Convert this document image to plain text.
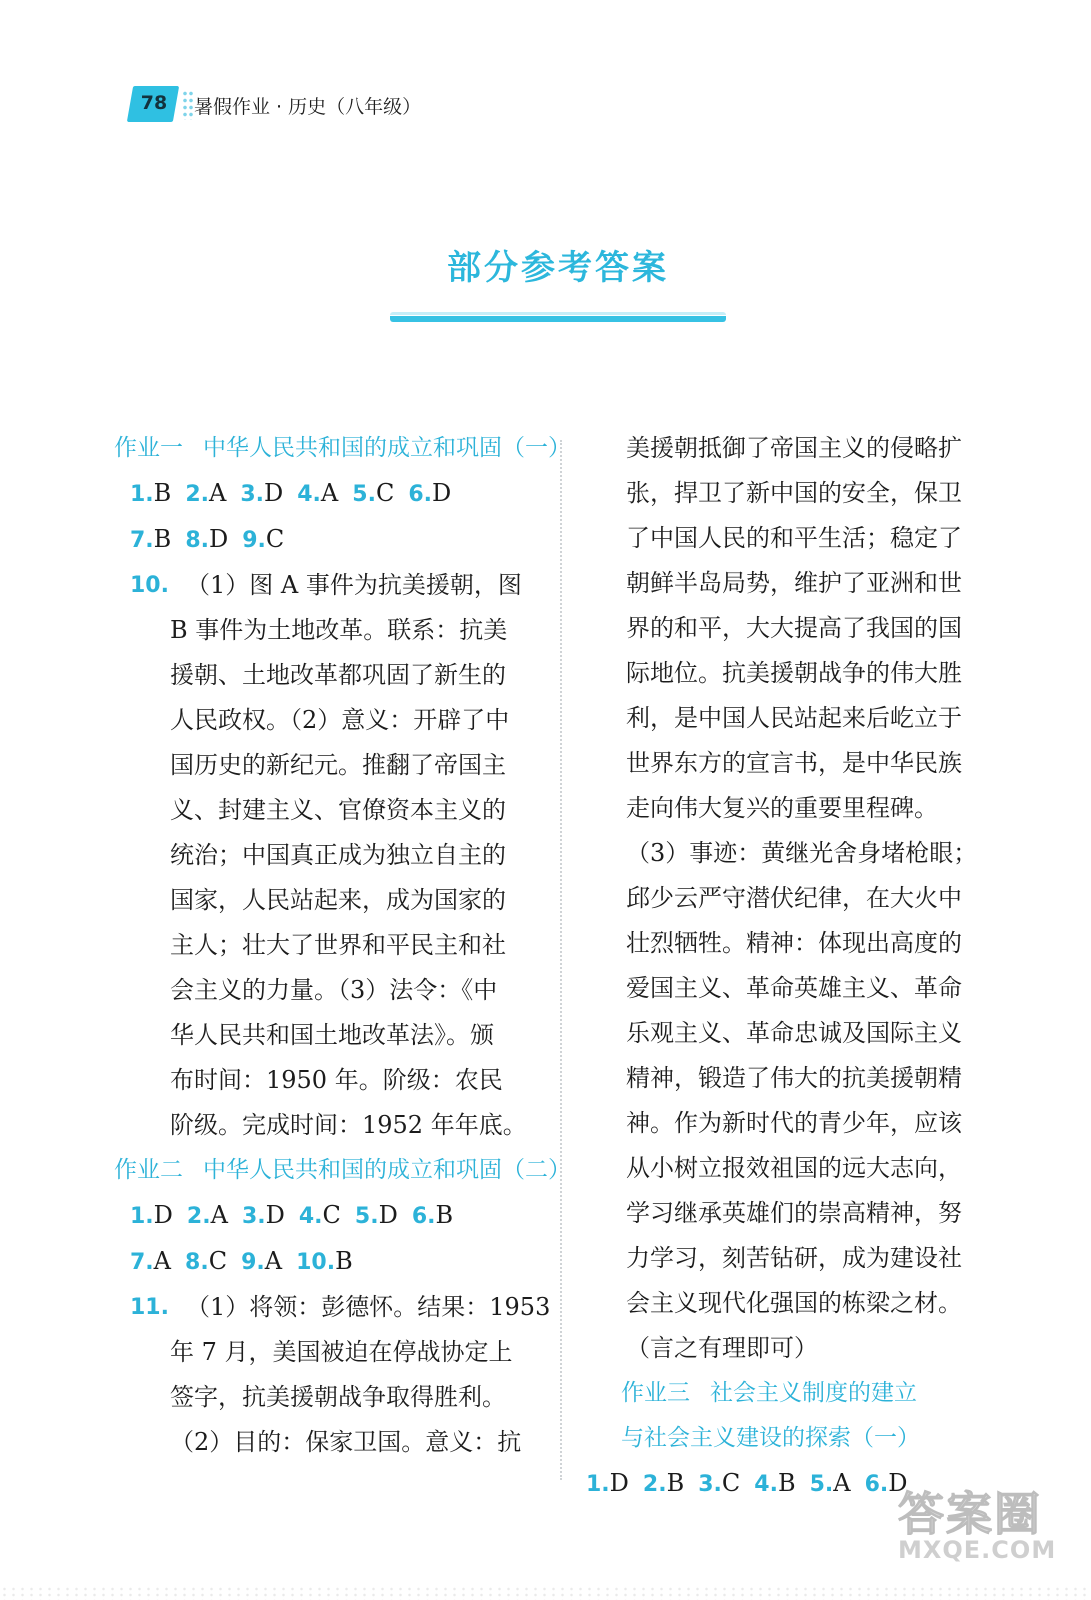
78	暑假作业 · 历史（八年级）
部分参考答案
作业一 中华人民共和国的成立和巩固（一）
1.B 2.A 3.D 4.A 5.C 6.D
7.B 8.D 9.C
10. （1）图 A 事件为抗美援朝，图
B 事件为土地改革。联系：抗美
援朝、土地改革都巩固了新生的
人民政权。（2）意义：开辟了中
国历史的新纪元。推翻了帝国主
义、封建主义、官僚资本主义的
统治；中国真正成为独立自主的
国家，人民站起来，成为国家的
主人；壮大了世界和平民主和社
会主义的力量。（3）法令：《中
华人民共和国土地改革法》。颁
布时间：1950 年。阶级：农民
阶级。完成时间：1952 年年底。
作业二 中华人民共和国的成立和巩固（二）
1.D 2.A 3.D 4.C 5.D 6.B
7.A 8.C 9.A 10.B
11. （1）将领：彭德怀。结果：1953
年 7 月，美国被迫在停战协定上
签字，抗美援朝战争取得胜利。
（2）目的：保家卫国。意义：抗
美援朝抵御了帝国主义的侵略扩
张，捍卫了新中国的安全，保卫
了中国人民的和平生活；稳定了
朝鲜半岛局势，维护了亚洲和世
界的和平，大大提高了我国的国
际地位。抗美援朝战争的伟大胜
利，是中国人民站起来后屹立于
世界东方的宣言书，是中华民族
走向伟大复兴的重要里程碑。
（3）事迹：黄继光舍身堵枪眼；
邱少云严守潜伏纪律，在大火中
壮烈牺牲。精神：体现出高度的
爱国主义、革命英雄主义、革命
乐观主义、革命忠诚及国际主义
精神，锻造了伟大的抗美援朝精
神。作为新时代的青少年，应该
从小树立报效祖国的远大志向，
学习继承英雄们的崇高精神，努
力学习，刻苦钻研，成为建设社
会主义现代化强国的栋梁之材。
（言之有理即可）
作业三 社会主义制度的建立
与社会主义建设的探索（一）
1.D 2.B 3.C 4.B 5.A 6.D
答案圈
MXQE.COM
